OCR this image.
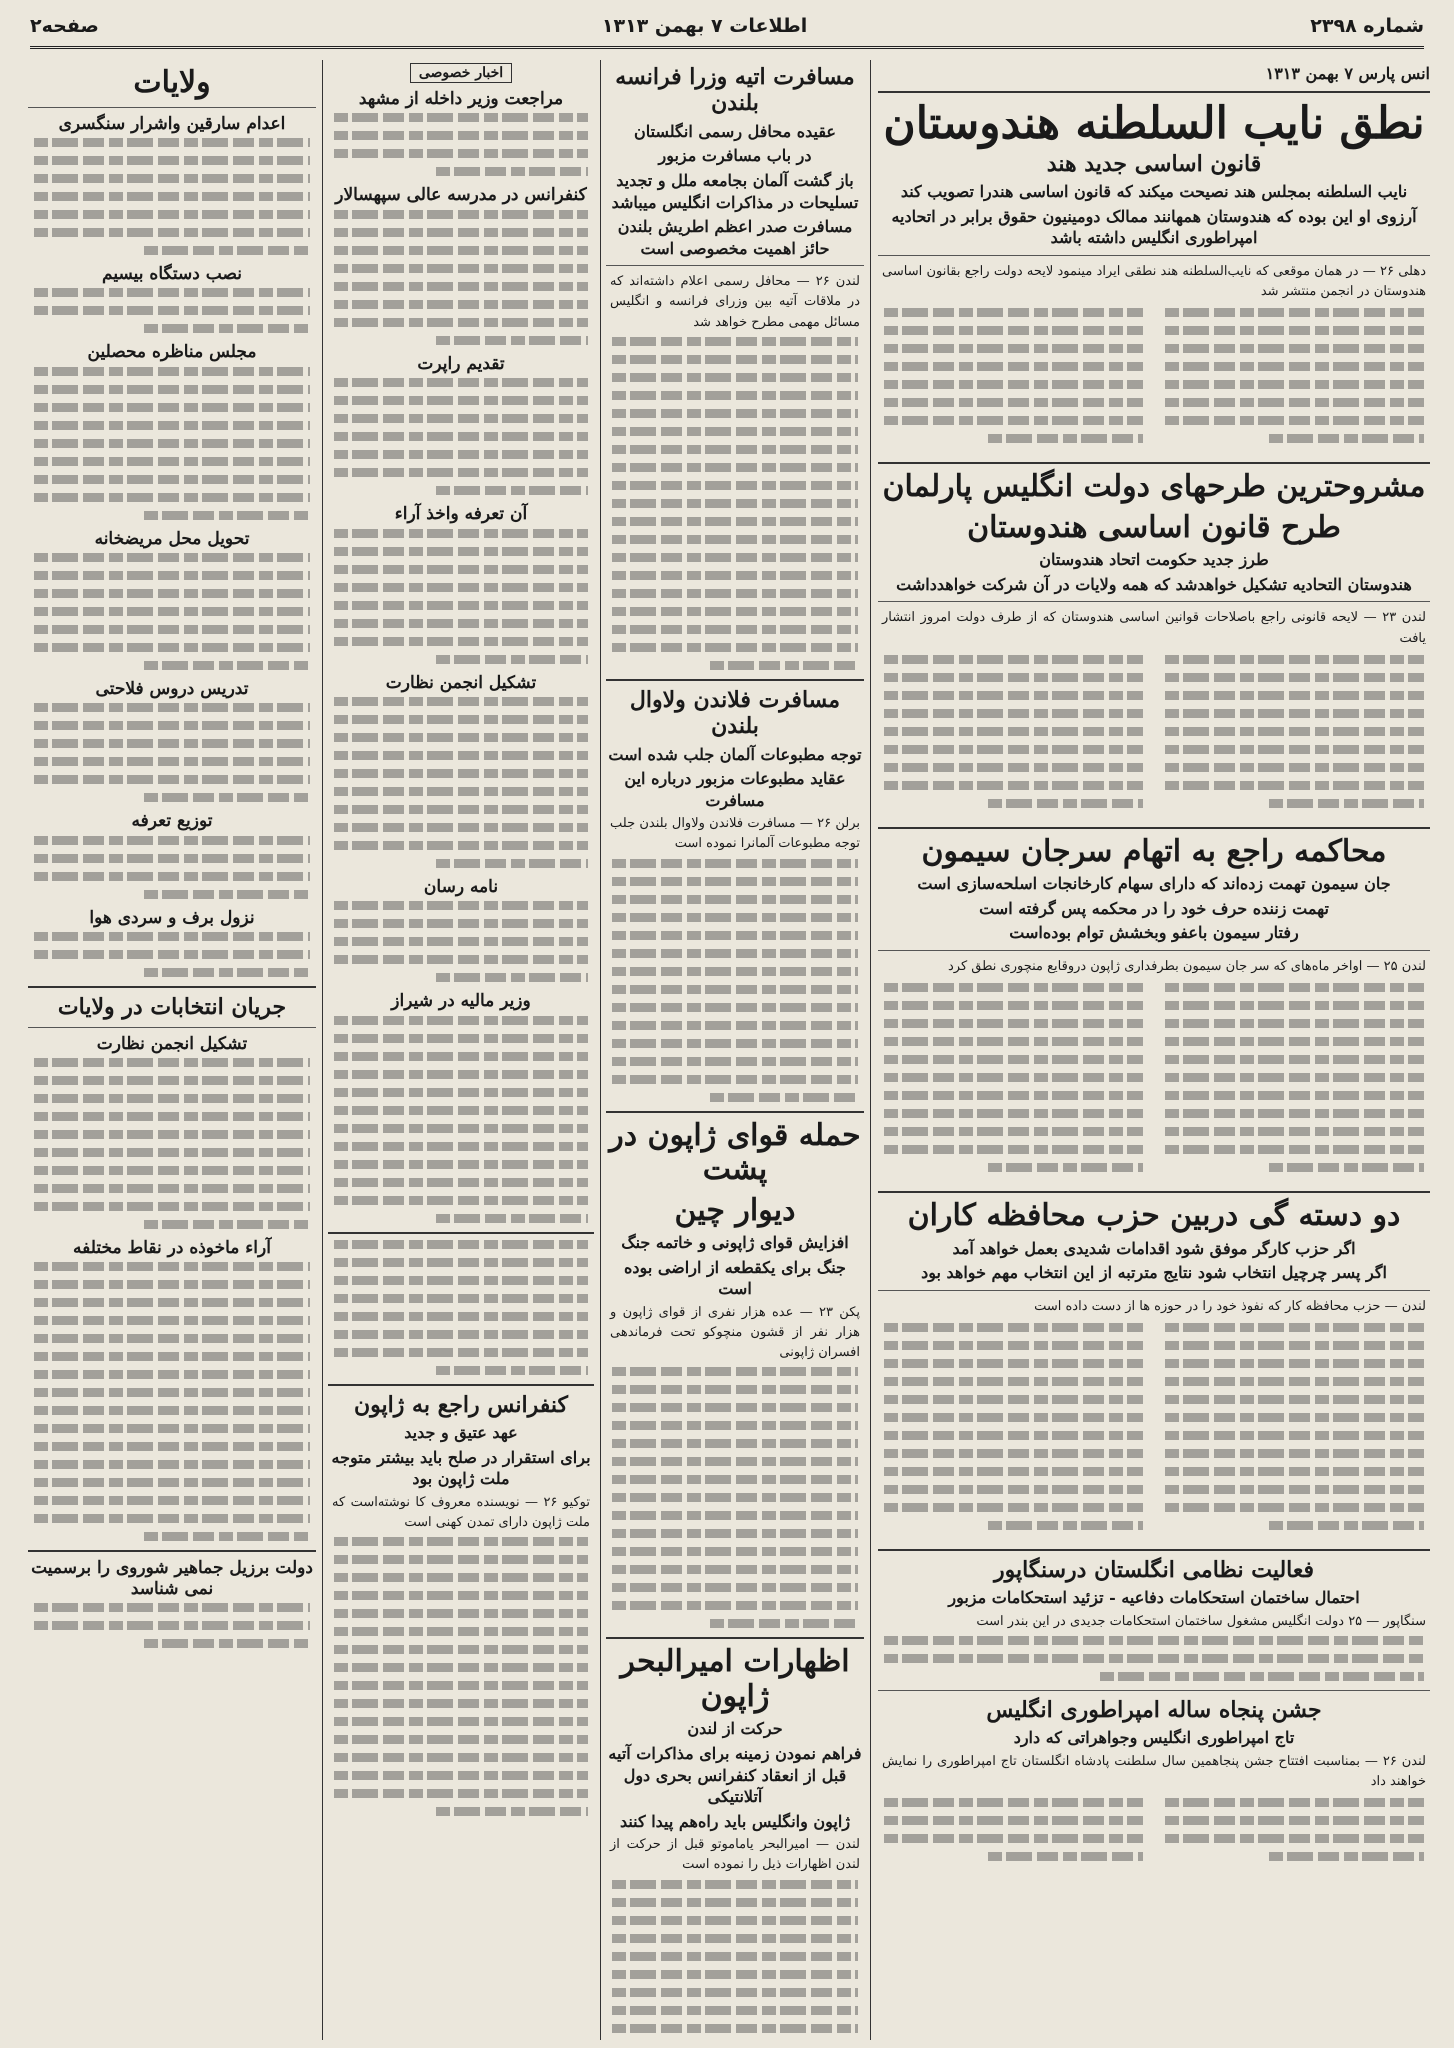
صفحه۲	اطلاعات ۷ بهمن ۱۳۱۳	شماره ۲۳۹۸
انس پارس ۷ بهمن ۱۳۱۳
نطق نایب السلطنه هندوستان
قانون اساسی جدید هند
نایب السلطنه بمجلس هند نصیحت میکند که قانون اساسی هندرا تصویب کند
آرزوی او این بوده که هندوستان همهانند ممالک دومینیون حقوق برابر در اتحادیه امپراطوری انگلیس داشته باشد
دهلی ۲۶ — در همان موقعی که نایب‌السلطنه هند نطقی ایراد مینمود لایحه دولت راجع بقانون اساسی هندوستان در انجمن منتشر شد
مشروحترین طرحهای دولت انگلیس پارلمان
طرح قانون اساسی هندوستان
طرز جدید حکومت اتحاد هندوستان
هندوستان التحادیه تشکیل خواهدشد که همه ولایات در آن شرکت خواهدداشت
لندن ۲۳ — لایحه قانونی راجع باصلاحات قوانین اساسی هندوستان که از طرف دولت امروز انتشار یافت
محاکمه راجع به اتهام سرجان سیمون
جان سیمون تهمت زده‌اند که دارای سهام کارخانجات اسلحه‌سازی است
تهمت زننده حرف خود را در محکمه پس گرفته است
رفتار سیمون باعفو وبخشش توام بوده‌است
لندن ۲۵ — اواخر ماه‌های که سر جان سیمون بطرفداری ژاپون دروقایع منچوری نطق کرد
دو دسته گی دربین حزب محافظه کاران
اگر حزب کارگر موفق شود اقدامات شدیدی بعمل خواهد آمد
اگر پسر چرچیل انتخاب شود نتایج مترتبه از این انتخاب مهم خواهد بود
لندن — حزب محافظه کار که نفوذ خود را در حوزه ها از دست داده است
فعالیت نظامی انگلستان درسنگاپور
احتمال ساختمان استحکامات دفاعیه - تزئید استحکامات مزبور
سنگاپور — ۲۵ دولت انگلیس مشغول ساختمان استحکامات جدیدی در این بندر است
جشن پنجاه ساله امپراطوری انگلیس
تاج امپراطوری انگلیس وجواهراتی که دارد
لندن ۲۶ — بمناسبت افتتاح جشن پنجاهمین سال سلطنت پادشاه انگلستان تاج امپراطوری را نمایش خواهند داد
مسافرت اتیه وزرا فرانسه بلندن
عقیده محافل رسمی انگلستان
در باب مسافرت مزبور
باز گشت آلمان بجامعه ملل و تجدید تسلیحات در مذاکرات انگلیس میباشد
مسافرت صدر اعظم اطریش بلندن حائز اهمیت مخصوصی است
لندن ۲۶ — محافل رسمی اعلام داشته‌اند که در ملاقات آتیه بین وزرای فرانسه و انگلیس مسائل مهمی مطرح خواهد شد
مسافرت فلاندن ولاوال بلندن
توجه مطبوعات آلمان جلب شده است
عقاید مطبوعات مزبور درباره این مسافرت
برلن ۲۶ — مسافرت فلاندن ولاوال بلندن جلب توجه مطبوعات آلمانرا نموده است
حمله قوای ژاپون در پشت
دیوار چین
افزایش قوای ژاپونی و خاتمه جنگ
جنگ برای یکقطعه از اراضی بوده است
پکن ۲۳ — عده هزار نفری از قوای ژاپون و هزار نفر از قشون منچوکو تحت فرماندهی افسران ژاپونی
اظهارات امیرالبحر ژاپون
حرکت از لندن
فراهم نمودن زمینه برای مذاکرات آتیه قبل از انعقاد کنفرانس بحری دول آتلانتیکی
ژاپون وانگلیس باید راه‌هم پیدا کنند
لندن — امیرالبحر یاماموتو قبل از حرکت از لندن اظهارات ذیل را نموده است
اخبار خصوصی
مراجعت وزیر داخله از مشهد
کنفرانس در مدرسه عالی سپهسالار
تقدیم راپرت
آن تعرفه واخذ آراء
تشکیل انجمن نظارت
نامه رسان
وزیر مالیه در شیراز
کنفرانس راجع به ژاپون
عهد عتیق و جدید
برای استقرار در صلح باید بیشتر متوجه ملت ژاپون بود
توکیو ۲۶ — نویسنده معروف کا نوشته‌است که ملت ژاپون دارای تمدن کهنی است
ولایات
اعدام سارقین واشرار سنگسری
نصب دستگاه بیسیم
مجلس مناظره محصلین
تحویل محل مریضخانه
تدریس دروس فلاحتی
توزیع تعرفه
نزول برف و سردی هوا
جریان انتخابات در ولایات
تشکیل انجمن نظارت
آراء ماخوذه در نقاط مختلفه
دولت برزیل جماهیر شوروی را برسمیت نمی شناسد
